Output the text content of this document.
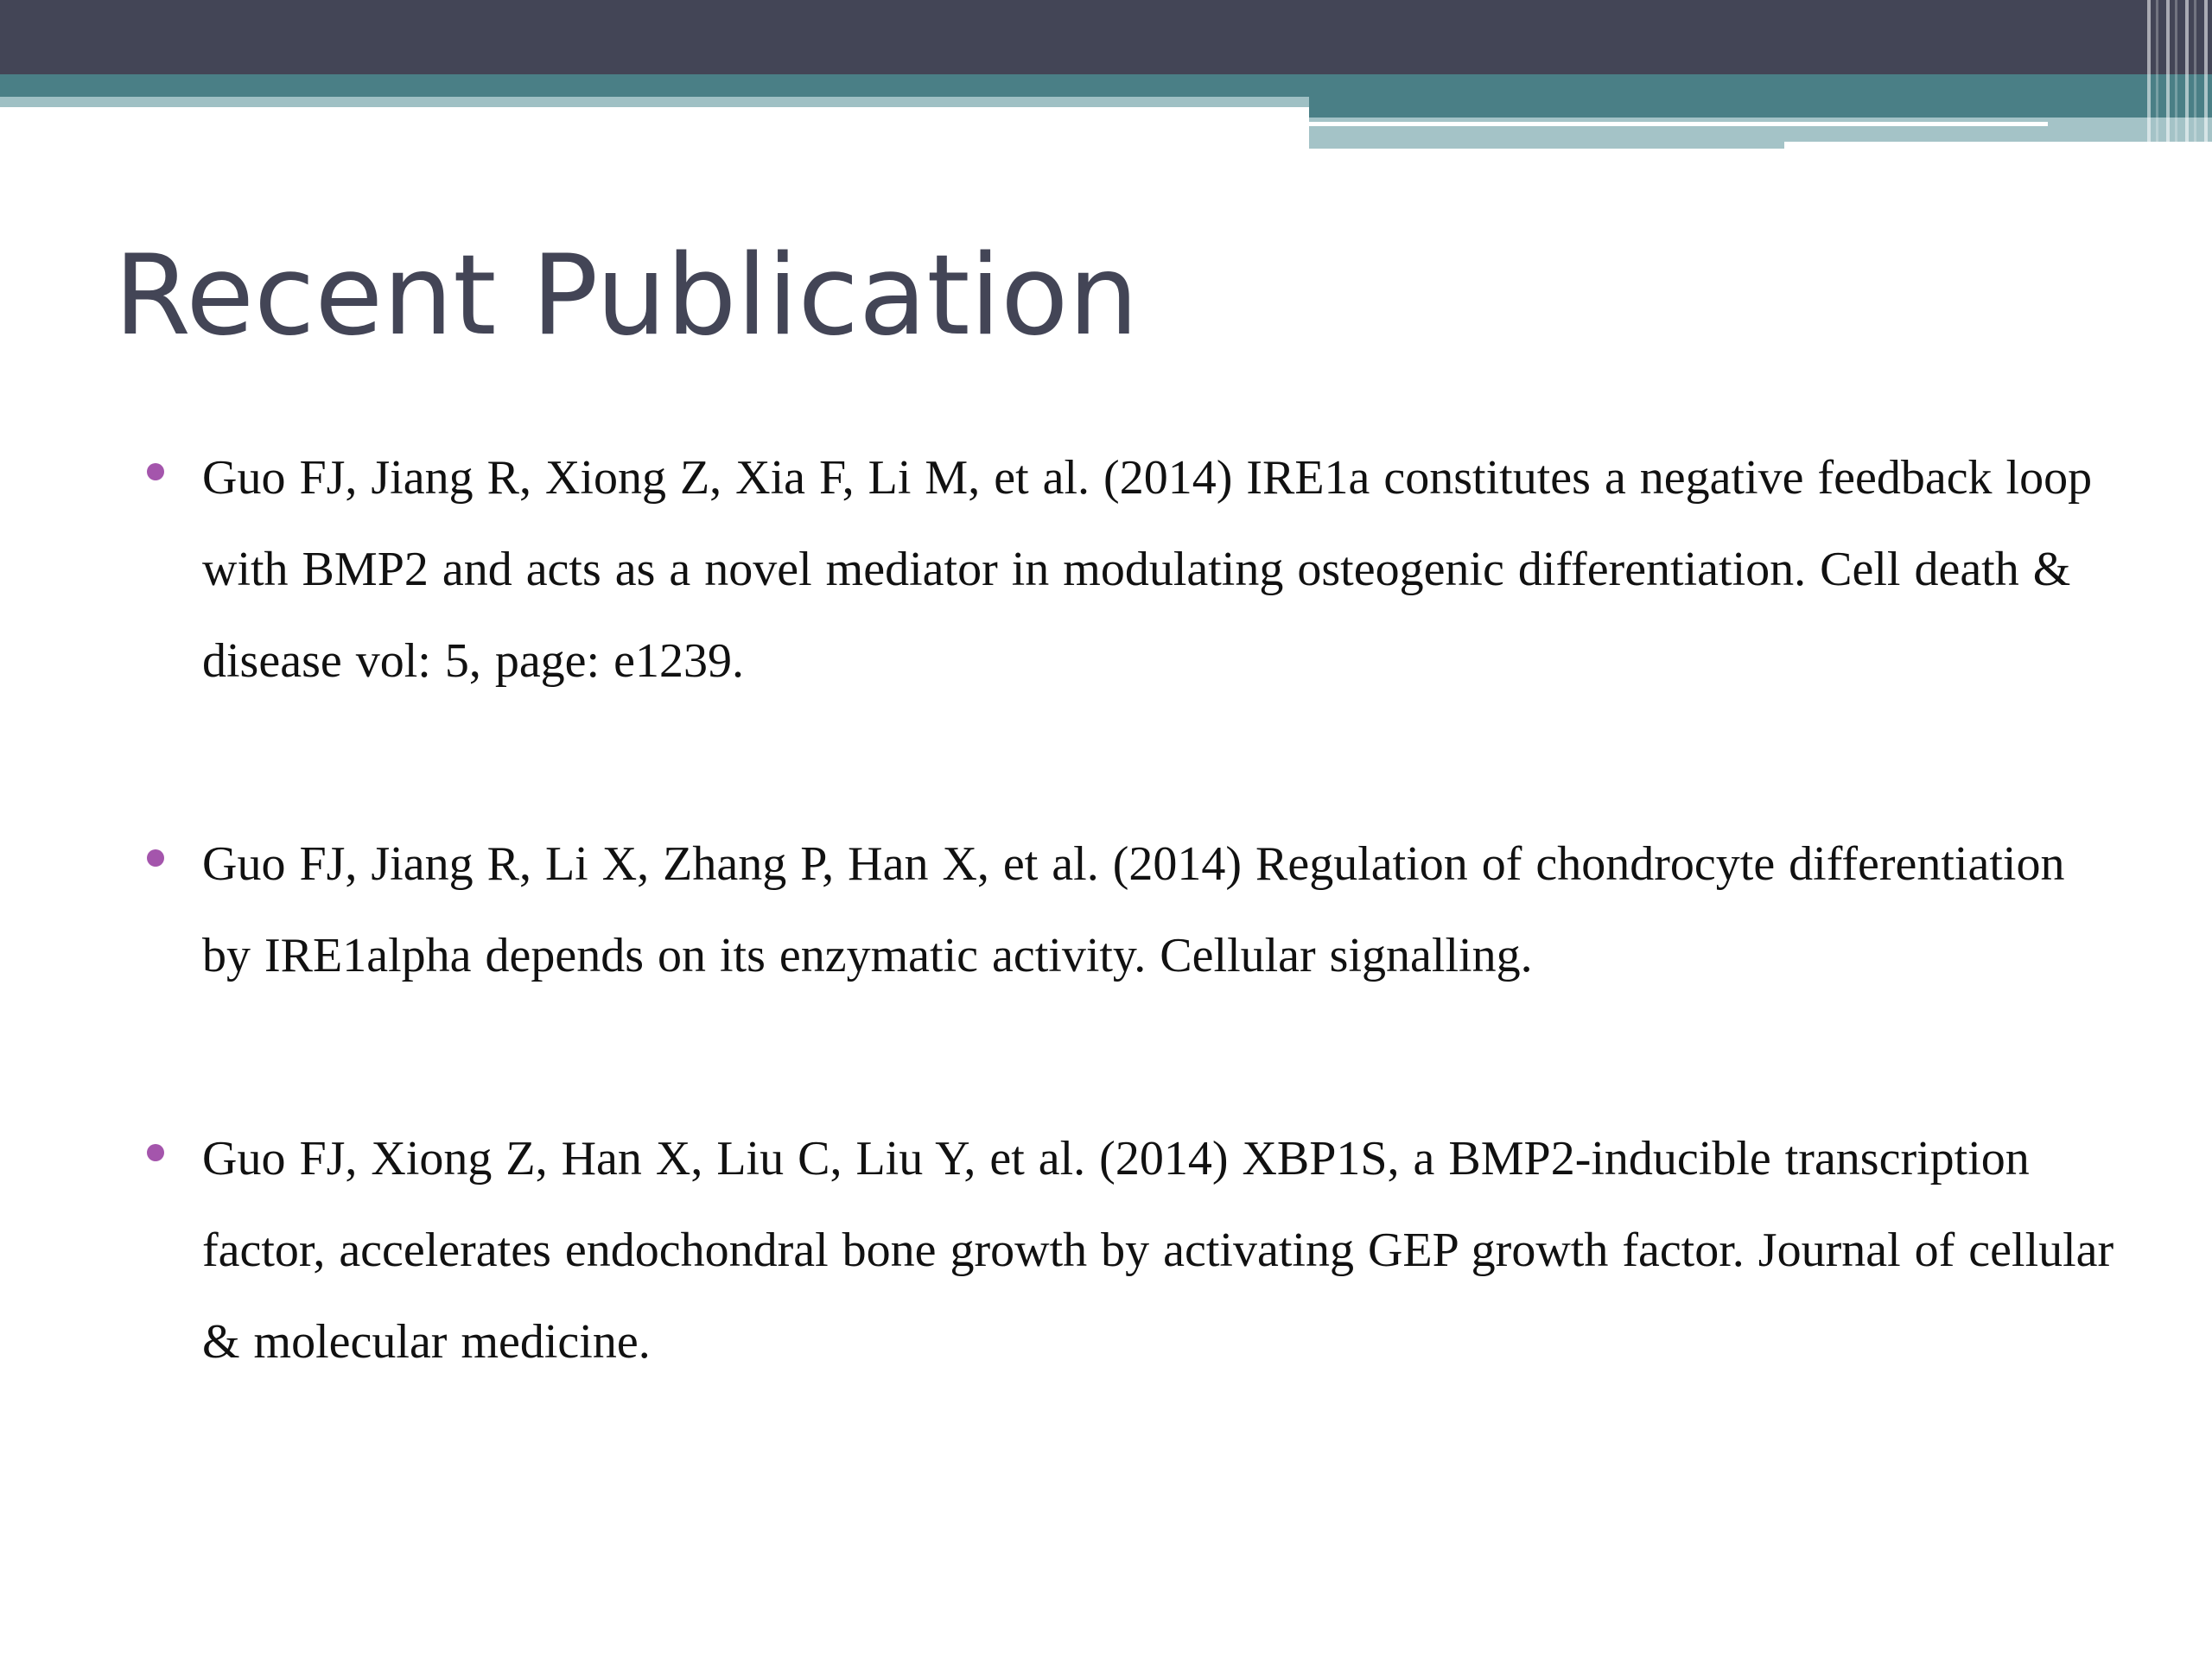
Recent Publication

Guo FJ, Jiang R, Xiong Z, Xia F, Li M, et al. (2014) IRE1a constitutes a negative feedback loop with BMP2 and acts as a novel mediator in modulating osteogenic differentiation. Cell death & disease vol: 5, page: e1239.

Guo FJ, Jiang R, Li X, Zhang P, Han X, et al. (2014) Regulation of chondrocyte differentiation by IRE1alpha depends on its enzymatic activity. Cellular signalling.

Guo FJ, Xiong Z, Han X, Liu C, Liu Y, et al. (2014) XBP1S, a BMP2-inducible transcription factor, accelerates endochondral bone growth by activating GEP growth factor. Journal of cellular & molecular medicine.
